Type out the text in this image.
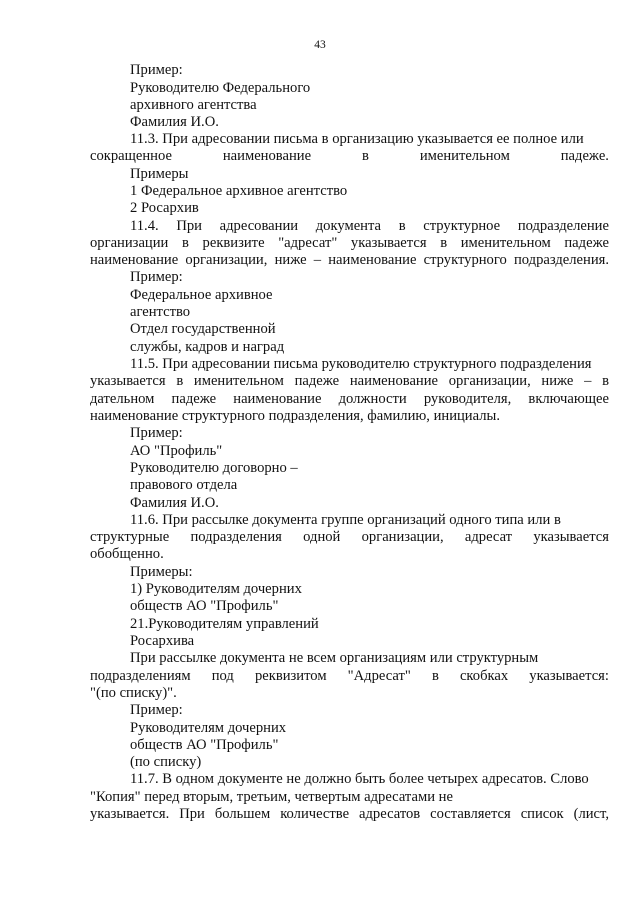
43
Пример:
Руководителю Федерального
архивного агентства
Фамилия И.О.
11.3. При адресовании письма в организацию указывается ее полное или
сокращенное	наименование	в	именительном	падеже.
Примеры
1 Федеральное архивное агентство
2 Росархив
11.4. При адресовании документа в структурное подразделение
организации в реквизите "адресат" указывается в именительном падеже
наименование организации, ниже – наименование структурного подразделения.
Пример:
Федеральное архивное
агентство
Отдел государственной
службы, кадров и наград
11.5. При адресовании письма руководителю структурного подразделения
указывается в именительном падеже наименование организации, ниже – в
дательном падеже наименование должности руководителя, включающее
наименование структурного подразделения, фамилию, инициалы.
Пример:
АО "Профиль"
Руководителю договорно –
правового отдела
Фамилия И.О.
11.6. При рассылке документа группе организаций одного типа или в
структурные подразделения одной организации, адресат указывается
обобщенно.
Примеры:
1) Руководителям дочерних
обществ АО "Профиль"
21.Руководителям управлений
Росархива
При рассылке документа не всем организациям или структурным
подразделениям под реквизитом "Адресат" в скобках указывается:
"(по списку)".
Пример:
Руководителям дочерних
обществ АО "Профиль"
(по списку)
11.7. В одном документе не должно быть более четырех адресатов. Слово
"Копия" перед вторым, третьим, четвертым адресатами не
указывается. При большем количестве адресатов составляется список (лист,
